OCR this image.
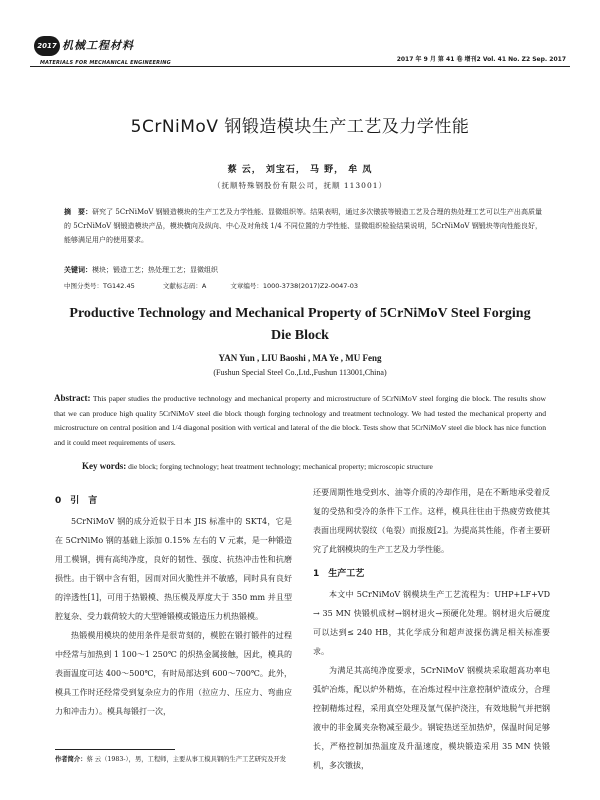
2017 机械工程材料
MATERIALS FOR MECHANICAL ENGINEERING	2017 年 9 月 第 41 卷 增刊2 Vol. 41 No. Z2 Sep. 2017
5CrNiMoV 钢锻造模块生产工艺及力学性能
蔡 云， 刘宝石， 马 野， 牟 凤
（抚顺特殊钢股份有限公司，抚顺 113001）
摘　要：研究了 5CrNiMoV 钢锻造模块的生产工艺及力学性能、显微组织等。结果表明，通过多次镦拔等锻造工艺及合理的热处理工艺可以生产出高质量的 5CrNiMoV 钢锻造模块产品，模块横向及纵向、中心及对角线 1/4 不同位置的力学性能、显微组织检验结果说明，5CrNiMoV 钢锻块等向性能良好，能够满足用户的使用要求。
关键词：模块；锻造工艺；热处理工艺；显微组织
中图分类号：TG142.45	文献标志码：A	文章编号：1000-3738(2017)Z2-0047-03
Productive Technology and Mechanical Property of 5CrNiMoV Steel Forging Die Block
YAN Yun , LIU Baoshi , MA Ye , MU Feng
(Fushun Special Steel Co.,Ltd.,Fushun 113001,China)
Abstract: This paper studies the productive technology and mechanical property and microstructure of 5CrNiMoV steel forging die block. The results show that we can produce high quality 5CrNiMoV steel die block though forging technology and treatment technology. We had tested the mechanical property and microstructure on central position and 1/4 diagonal position with vertical and lateral of the die block. Tests show that 5CrNiMoV steel die block has nice function and it could meet requirements of users.
Key words: die block; forging technology; heat treatment technology; mechanical property; microscopic structure
0　引　言

5CrNiMoV 钢的成分近似于日本 JIS 标准中的 SKT4，它是在 5CrNiMo 钢的基础上添加 0.15% 左右的 V 元素，是一种锻造用工模钢，拥有高纯净度，良好的韧性、强度、抗热冲击性和抗磨损性。由于钢中含有钼，因而对回火脆性并不敏感，同时具有良好的淬透性[1]，可用于热锻模、热压模及厚度大于 350 mm 并且型腔复杂、受力载荷较大的大型锤锻模或锻造压力机热锻模。

热锻模用模块的使用条件是很苛刻的，模腔在锻打锻件的过程中经常与加热到 1 100～1 250℃ 的炽热金属接触，因此，模具的表面温度可达 400～500℃，有时局部达到 600～700℃。此外，模具工作时还经常受到复杂应力的作用（拉应力、压应力、弯曲应力和冲击力）。模具每锻打一次，

作者简介：蔡 云（1983-），男，工程师，主要从事工模具钢的生产工艺研究及开发

还要周期性地受到水、油等介质的冷却作用，是在不断地承受着反复的受热和受冷的条件下工作。这样，模具往往由于热疲劳致使其表面出现网状裂纹（龟裂）而报废[2]。为提高其性能，作者主要研究了此钢模块的生产工艺及力学性能。

1　生产工艺

本文中 5CrNiMoV 钢模块生产工艺流程为：UHP+LF+VD → 35 MN 快锻机成材→钢材退火→预硬化处理。钢材退火后硬度可以达到≤ 240 HB，其化学成分和超声波探伤满足相关标准要求。

为满足其高纯净度要求，5CrNiMoV 钢模块采取超高功率电弧炉冶炼，配以炉外精炼，在冶炼过程中注意控制炉渣成分，合理控制精炼过程，采用真空处理及氩气保护浇注，有效地脱气并把钢液中的非金属夹杂物减至最少。钢锭热送至加热炉，保温时间足够长，严格控制加热温度及升温速度，模块锻造采用 35 MN 快锻机，多次镦拔，
